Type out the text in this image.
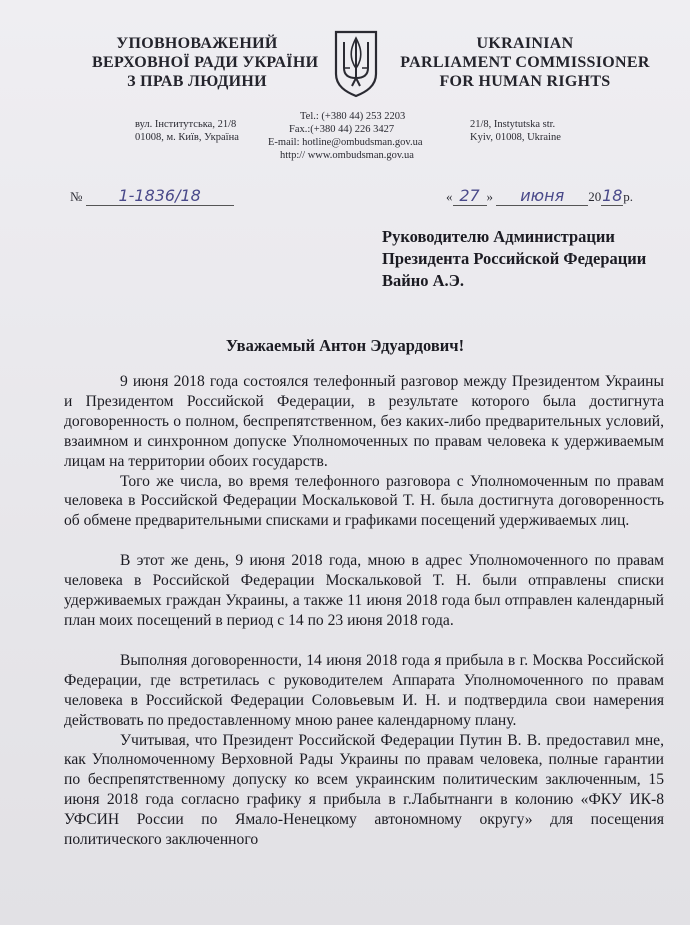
УПОВНОВАЖЕНИЙ
ВЕРХОВНОЇ РАДИ УКРАЇНИ
З ПРАВ ЛЮДИНИ
UKRAINIAN
PARLIAMENT COMMISSIONER
FOR HUMAN RIGHTS
вул. Інститутська, 21/8
01008, м. Київ, Україна
Tel.: (+380 44) 253 2203
Fax.:(+380 44) 226 3427
E-mail: hotline@ombudsman.gov.ua
http:// www.ombudsman.gov.ua
21/8, Instytutska str.
Kyiv, 01008, Ukraine
№ 1-1836/18	« 27 » июня 2018р.
Руководителю Администрации
Президента Российской Федерации
Вайно А.Э.
Уважаемый Антон Эдуардович!

9 июня 2018 года состоялся телефонный разговор между Президентом Украины и Президентом Российской Федерации, в результате которого была достигнута договоренность о полном, беспрепятственном, без каких-либо предварительных условий, взаимном и синхронном допуске Уполномоченных по правам человека к удерживаемым лицам на территории обоих государств.

Того же числа, во время телефонного разговора с Уполномоченным по правам человека в Российской Федерации Москальковой Т. Н. была достигнута договоренность об обмене предварительными списками и графиками посещений удерживаемых лиц.

В этот же день, 9 июня 2018 года, мною в адрес Уполномоченного по правам человека в Российской Федерации Москальковой Т. Н. были отправлены списки удерживаемых граждан Украины, а также 11 июня 2018 года был отправлен календарный план моих посещений в период с 14 по 23 июня 2018 года.

Выполняя договоренности, 14 июня 2018 года я прибыла в г. Москва Российской Федерации, где встретилась с руководителем Аппарата Уполномоченного по правам человека в Российской Федерации Соловьевым И. Н. и подтвердила свои намерения действовать по предоставленному мною ранее календарному плану.

Учитывая, что Президент Российской Федерации Путин В. В. предоставил мне, как Уполномоченному Верховной Рады Украины по правам человека, полные гарантии по беспрепятственному допуску ко всем украинским политическим заключенным, 15 июня 2018 года согласно графику я прибыла в г.Лабытнанги в колонию «ФКУ ИК-8 УФСИН России по Ямало-Ненецкому автономному округу» для посещения политического заключенного
